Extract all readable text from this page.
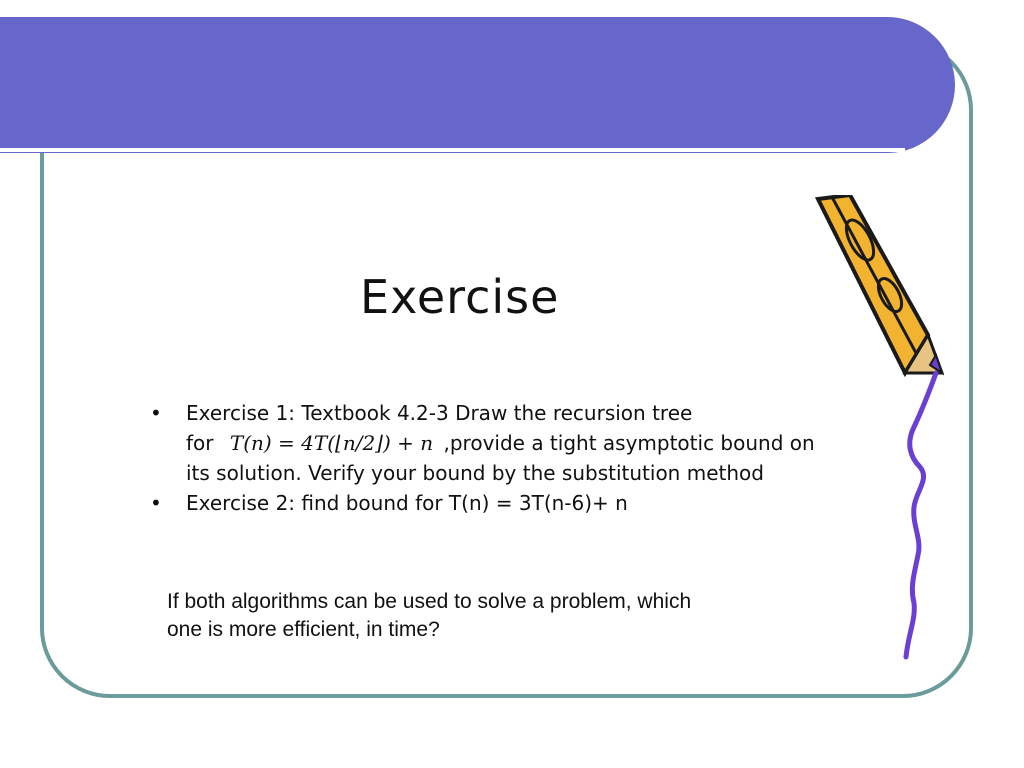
Exercise
• Exercise 1: Textbook 4.2-3 Draw the recursion tree
for T(n) = 4T(⌊n/2⌋) + n ,provide a tight asymptotic bound on
its solution. Verify your bound by the substitution method
• Exercise 2: find bound for T(n) = 3T(n-6)+ n
If both algorithms can be used to solve a problem, which one is more efficient, in time?
